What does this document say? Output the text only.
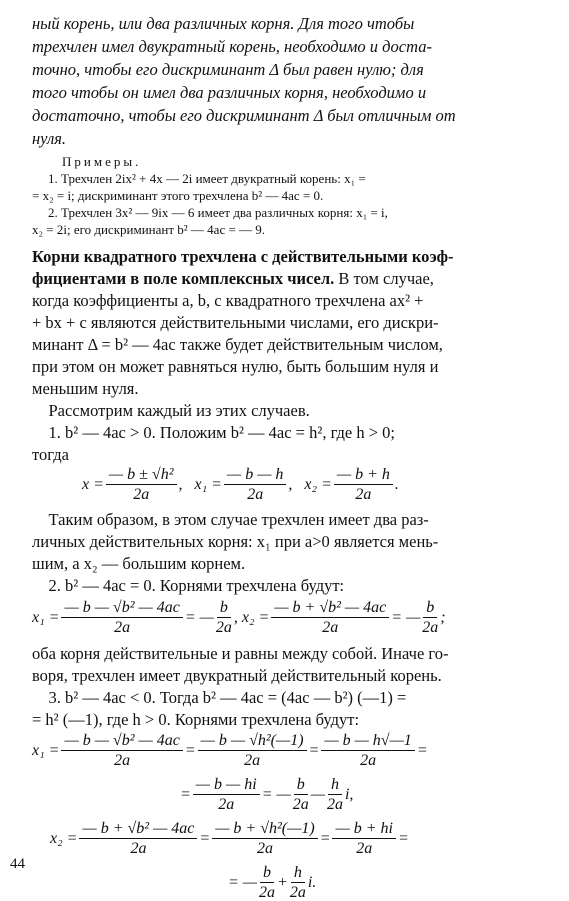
ный корень, или два различных корня. Для того чтобы
трехчлен имел двукратный корень, необходимо и доста-
точно, чтобы его дискриминант Δ был равен нулю; для
того чтобы он имел два различных корня, необходимо и
достаточно, чтобы его дискриминант Δ был отличным от
нуля.
Примеры.
1. Трехчлен 2ix² + 4x — 2i имеет двукратный корень: x₁ =
= x₂ = i; дискриминант этого трехчлена b² — 4ac = 0.
2. Трехчлен 3x² — 9ix — 6 имеет два различных корня: x₁ = i,
x₂ = 2i; его дискриминант b² — 4ac = — 9.
Корни квадратного трехчлена с действительными коэф-
фициентами в поле комплексных чисел. В том случае,
когда коэффициенты a, b, c квадратного трехчлена ax² +
+ bx + c являются действительными числами, его дискри-
минант Δ = b² — 4ac также будет действительным числом,
при этом он может равняться нулю, быть большим нуля и
меньшим нуля.
Рассмотрим каждый из этих случаев.
1. b² — 4ac > 0. Положим b² — 4ac = h², где h > 0;
тогда
$x = \frac{\text{— b ± √h²}}{2a}$ ,   $x_1 = \frac{— b — h}{2a}$ ,   $x_2 = \frac{— b + h}{2a}$ .
Таким образом, в этом случае трехчлен имеет два раз-
личных действительных корня: x₁ при a>0 является мень-
шим, а x₂ — большим корнем.
2. b² — 4ac = 0. Корнями трехчлена будут:
$x_1 = \frac{\text{— b — √b² — 4ac}}{2a}$ = — $\frac{b}{2a}$ , $x_2 = \frac{\text{— b + √b² — 4ac}}{2a}$ = — $\frac{b}{2a}$ ;
оба корня действительные и равны между собой. Иначе го-
воря, трехчлен имеет двукратный действительный корень.
3. b² — 4ac < 0. Тогда b² — 4ac = (4ac — b²) (—1) =
= h² (—1), где h > 0. Корнями трехчлена будут:
$x_1 = \frac{\text{— b — √b² — 4ac}}{2a} = \frac{\text{— b — √h²(—1)}}{2a} = \frac{— b — h√—1}{2a}$ =
= $\frac{— b — hi}{2a}$ = — $\frac{b}{2a}$ — $\frac{h}{2a} i$,
$x_2 = \frac{\text{— b + √b² — 4ac}}{2a} = \frac{\text{— b + √h²(—1)}}{2a} = \frac{— b + hi}{2a}$ =
= — $\frac{b}{2a} + \frac{h}{2a} i$.
44
